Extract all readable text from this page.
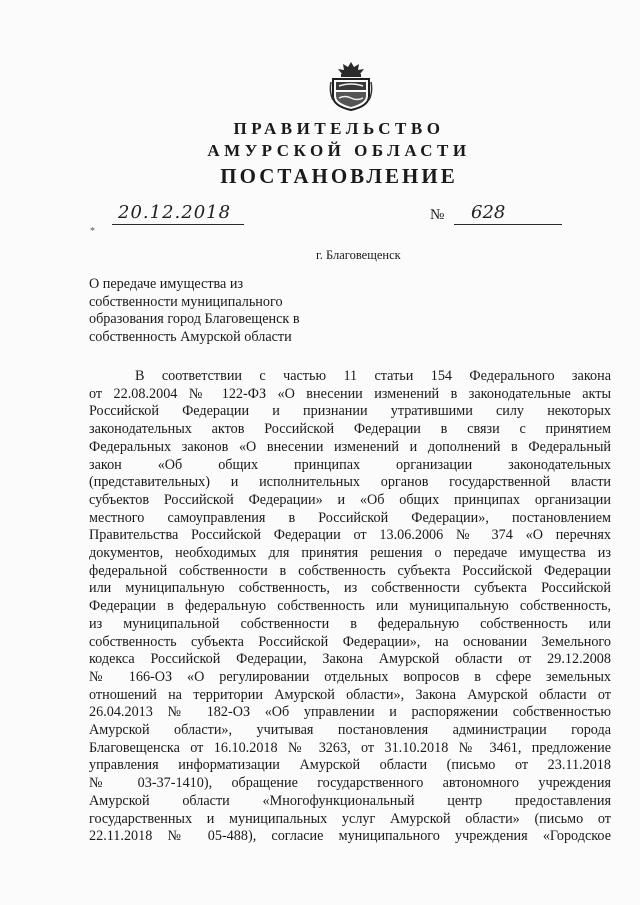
ПРАВИТЕЛЬСТВО
АМУРСКОЙ ОБЛАСТИ
ПОСТАНОВЛЕНИЕ
20.12.2018	№ 628
*
г. Благовещенск
О передаче имущества из
собственности муниципального
образования город Благовещенск в
собственность Амурской области
В соответствии с частью 11 статьи 154 Федерального закона
от 22.08.2004 № 122-ФЗ «О внесении изменений в законодательные акты
Российской Федерации и признании утратившими силу некоторых
законодательных актов Российской Федерации в связи с принятием
Федеральных законов «О внесении изменений и дополнений в Федеральный
закон «Об общих принципах организации законодательных
(представительных) и исполнительных органов государственной власти
субъектов Российской Федерации» и «Об общих принципах организации
местного самоуправления в Российской Федерации», постановлением
Правительства Российской Федерации от 13.06.2006 № 374 «О перечнях
документов, необходимых для принятия решения о передаче имущества из
федеральной собственности в собственность субъекта Российской Федерации
или муниципальную собственность, из собственности субъекта Российской
Федерации в федеральную собственность или муниципальную собственность,
из муниципальной собственности в федеральную собственность или
собственность субъекта Российской Федерации», на основании Земельного
кодекса Российской Федерации, Закона Амурской области от 29.12.2008
№ 166-ОЗ «О регулировании отдельных вопросов в сфере земельных
отношений на территории Амурской области», Закона Амурской области от
26.04.2013 № 182-ОЗ «Об управлении и распоряжении собственностью
Амурской области», учитывая постановления администрации города
Благовещенска от 16.10.2018 № 3263, от 31.10.2018 № 3461, предложение
управления информатизации Амурской области (письмо от 23.11.2018
№ 03-37-1410), обращение государственного автономного учреждения
Амурской области «Многофункциональный центр предоставления
государственных и муниципальных услуг Амурской области» (письмо от
22.11.2018 № 05-488), согласие муниципального учреждения «Городское
